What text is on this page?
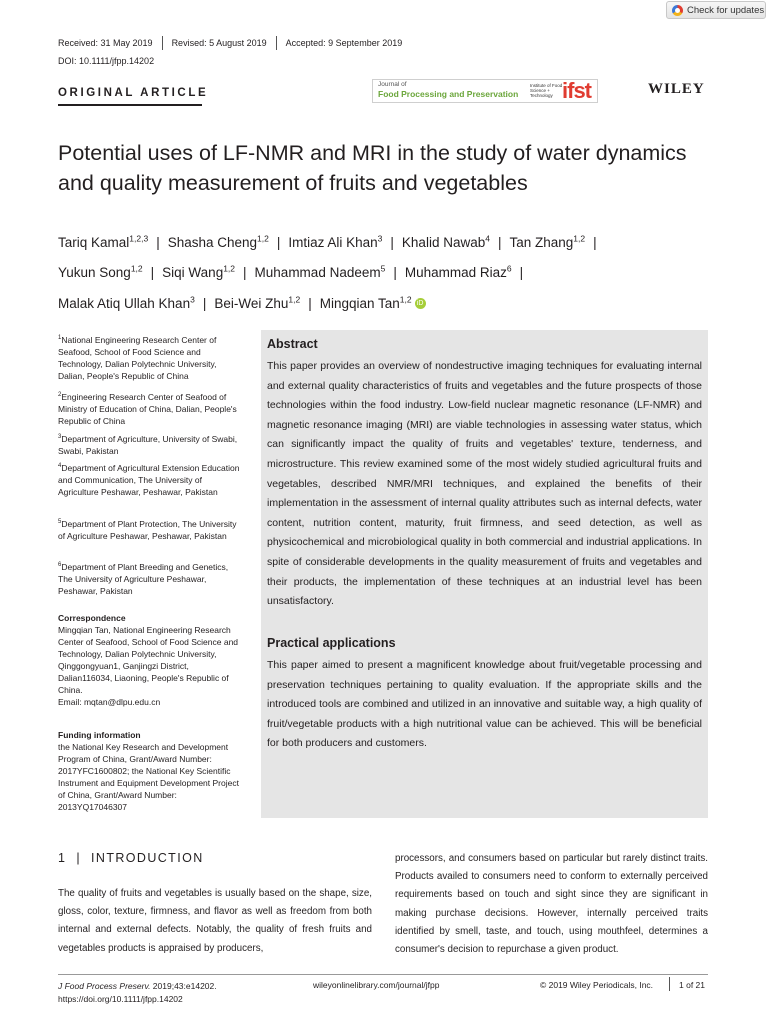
Check for updates
Received: 31 May 2019 Revised: 5 August 2019 Accepted: 9 September 2019
DOI: 10.1111/jfpp.14202
ORIGINAL ARTICLE
Journal of
Food Processing and Preservation
Institute of Food Science + Technology ifst	WILEY
Potential uses of LF-NMR and MRI in the study of water dynamics and quality measurement of fruits and vegetables
Tariq Kamal$^{1,2,3}$ | Shasha Cheng$^{1,2}$ | Imtiaz Ali Khan$^3$ | Khalid Nawab$^4$ | Tan Zhang$^{1,2}$ |
Yukun Song$^{1,2}$ | Siqi Wang$^{1,2}$ | Muhammad Nadeem$^5$ | Muhammad Riaz$^6$ |
Malak Atiq Ullah Khan$^3$ | Bei-Wei Zhu$^{1,2}$ | Mingqian Tan$^{1,2}$ iD
$^1$National Engineering Research Center of Seafood, School of Food Science and Technology, Dalian Polytechnic University, Dalian, People's Republic of China
$^2$Engineering Research Center of Seafood of Ministry of Education of China, Dalian, People's Republic of China
$^3$Department of Agriculture, University of Swabi, Swabi, Pakistan
$^4$Department of Agricultural Extension Education and Communication, The University of Agriculture Peshawar, Peshawar, Pakistan
$^5$Department of Plant Protection, The University of Agriculture Peshawar, Peshawar, Pakistan
$^6$Department of Plant Breeding and Genetics, The University of Agriculture Peshawar, Peshawar, Pakistan
Correspondence
Mingqian Tan, National Engineering Research Center of Seafood, School of Food Science and Technology, Dalian Polytechnic University, Qinggongyuan1, Ganjingzi District, Dalian116034, Liaoning, People's Republic of China.
Email: mqtan@dlpu.edu.cn
Funding information
the National Key Research and Development Program of China, Grant/Award Number: 2017YFC1600802; the National Key Scientific Instrument and Equipment Development Project of China, Grant/Award Number: 2013YQ17046307
Abstract
This paper provides an overview of nondestructive imaging techniques for evaluating internal and external quality characteristics of fruits and vegetables and the future prospects of those technologies within the food industry. Low-field nuclear magnetic resonance (LF-NMR) and magnetic resonance imaging (MRI) are viable technologies in assessing water status, which can significantly impact the quality of fruits and vegetables' texture, tenderness, and microstructure. This review examined some of the most widely studied agricultural fruits and vegetables, described NMR/MRI techniques, and explained the benefits of their implementation in the assessment of internal quality attributes such as internal defects, water content, nutrition content, maturity, fruit firmness, and seed detection, as well as physicochemical and microbiological quality in both commercial and industrial applications. In spite of considerable developments in the quality measurement of fruits and vegetables and their products, the implementation of these techniques at an industrial level has been unsatisfactory.
Practical applications
This paper aimed to present a magnificent knowledge about fruit/vegetable processing and preservation techniques pertaining to quality evaluation. If the appropriate skills and the introduced tools are combined and utilized in an innovative and suitable way, a high quality of fruit/vegetable products with a high nutritional value can be achieved. This will be beneficial for both producers and customers.
1 | INTRODUCTION
The quality of fruits and vegetables is usually based on the shape, size, gloss, color, texture, firmness, and flavor as well as freedom from both internal and external defects. Notably, the quality of fresh fruits and vegetables products is appraised by producers,
processors, and consumers based on particular but rarely distinct traits. Products availed to consumers need to conform to externally perceived requirements based on touch and sight since they are significant in making purchase decisions. However, internally perceived traits identified by smell, taste, and touch, using mouthfeel, determines a consumer's decision to repurchase a given product.
J Food Process Preserv. 2019;43:e14202.
https://doi.org/10.1111/jfpp.14202
wileyonlinelibrary.com/journal/jfpp	© 2019 Wiley Periodicals, Inc.	1 of 21
